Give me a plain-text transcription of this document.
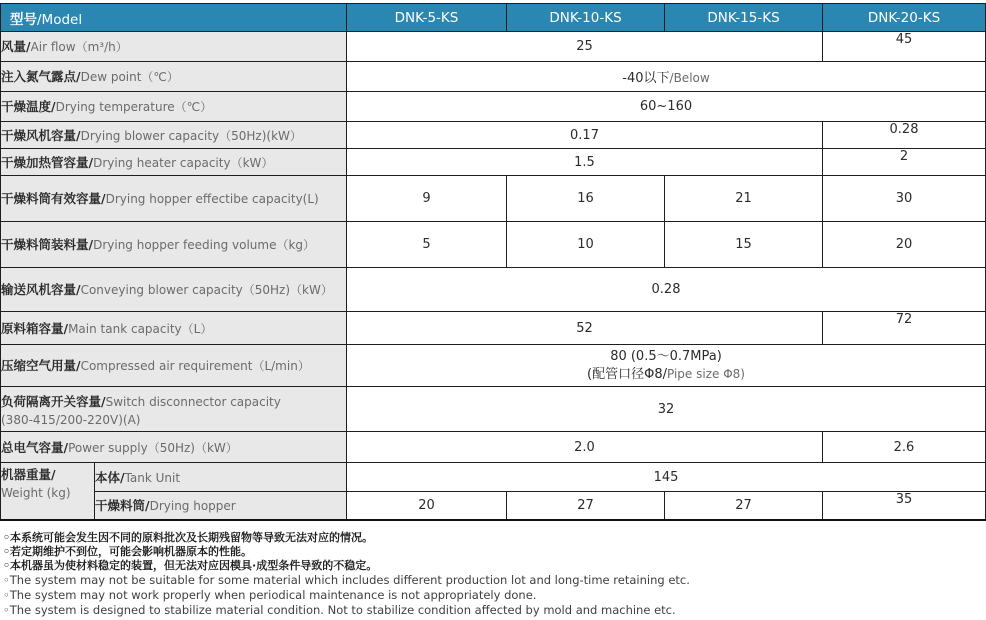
型号/Model		DNK-5-KS	DNK-10-KS	DNK-15-KS	DNK-20-KS
风量/Air flow（m³/h）		25			45
注入氮气露点/Dew point（℃）		-40以下/Below			
干燥温度/Drying temperature（℃）		60~160			
干燥风机容量/Drying blower capacity（50Hz)(kW）		0.17			0.28
干燥加热管容量/Drying heater capacity（kW）		1.5			2
干燥料筒有效容量/Drying hopper effectibe capacity(L)		9	16	21	30
干燥料筒装料量/Drying hopper feeding volume（kg）		5	10	15	20
输送风机容量/Conveying blower capacity（50Hz)（kW）		0.28			
原料箱容量/Main tank capacity（L）		52			72
压缩空气用量/Compressed air requirement（L/min）		80 (0.5～0.7MPa)
(配管口径Φ8/Pipe size Φ8)			
负荷隔离开关容量/Switch disconnector capacity
(380-415/200-220V)(A)		32			
总电气容量/Power supply（50Hz)（kW）		2.0			2.6
机器重量/
Weight (kg)	本体/Tank Unit	145			
	干燥料筒/Drying hopper	20	27	27	35
◦本系统可能会发生因不同的原料批次及长期残留物等导致无法对应的情况。
◦若定期维护不到位，可能会影响机器原本的性能。
◦本机器虽为使材料稳定的装置，但无法对应因模具·成型条件导致的不稳定。
◦The system may not be suitable for some material which includes different production lot and long-time retaining etc.
◦The system may not work properly when periodical maintenance is not appropriately done.
◦The system is designed to stabilize material condition. Not to stabilize condition affected by mold and machine etc.
